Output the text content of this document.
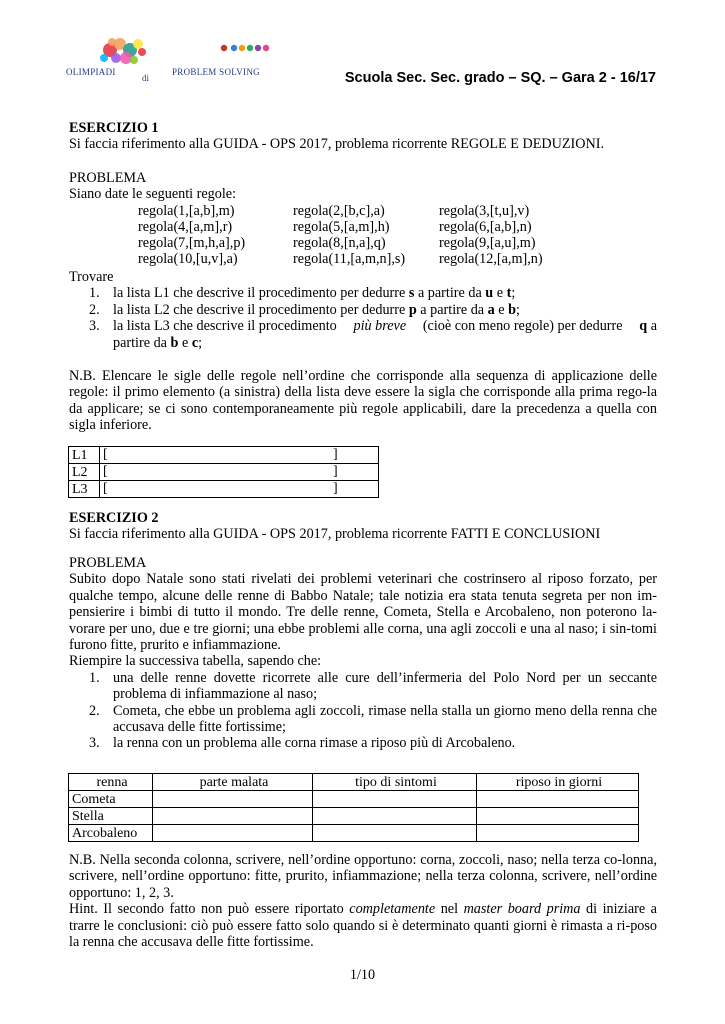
OLIMPIADI
di
PROBLEM SOLVING	Scuola Sec. Sec. grado – SQ. – Gara 2 - 16/17

ESERCIZIO 1

Si faccia riferimento alla GUIDA - OPS 2017, problema ricorrente REGOLE E DEDUZIONI.

PROBLEMA

Siano date le seguenti regole:

regola(1,[a,b],m)	regola(2,[b,c],a)	regola(3,[t,u],v)
regola(4,[a,m],r)	regola(5,[a,m],h)	regola(6,[a,b],n)
regola(7,[m,h,a],p)	regola(8,[n,a],q)	regola(9,[a,u],m)
regola(10,[u,v],a)	regola(11,[a,m,n],s) regola(12,[a,m],n)

Trovare

1. la lista L1 che descrive il procedimento per dedurre s a partire da u e t;
2. la lista L2 che descrive il procedimento per dedurre p a partire da a e b;
3. la lista L3 che descrive il procedimento più breve (cioè con meno regole) per dedurre q a
partire da b e c;
N.B. Elencare le sigle delle regole nell’ordine che corrisponde alla sequenza di applicazione delle regole: il primo elemento (a sinistra) della lista deve essere la sigla che corrisponde alla prima rego-la da applicare; se ci sono contemporaneamente più regole applicabili, dare la precedenza a quella con sigla inferiore.
L1	[ ]

L2	[ ]

L3	[ ]

ESERCIZIO 2

Si faccia riferimento alla GUIDA - OPS 2017, problema ricorrente FATTI E CONCLUSIONI

PROBLEMA

Subito dopo Natale sono stati rivelati dei problemi veterinari che costrinsero al riposo forzato, per qualche tempo, alcune delle renne di Babbo Natale; tale notizia era stata tenuta segreta per non im-pensierire i bimbi di tutto il mondo. Tre delle renne, Cometa, Stella e Arcobaleno, non poterono la-vorare per uno, due e tre giorni; una ebbe problemi alle corna, una agli zoccoli e una al naso; i sin-tomi furono fitte, prurito e infiammazione.

Riempire la successiva tabella, sapendo che:

1. una delle renne dovette ricorrete alle cure dell’infermeria del Polo Nord per un seccante problema di infiammazione al naso;
2. Cometa, che ebbe un problema agli zoccoli, rimase nella stalla un giorno meno della renna che accusava delle fitte fortissime;
3. la renna con un problema alle corna rimase a riposo più di Arcobaleno.
renna	parte malata	tipo di sintomi	riposo in giorni
Cometa			
Stella			
Arcobaleno			

N.B. Nella seconda colonna, scrivere, nell’ordine opportuno: corna, zoccoli, naso; nella terza co-lonna, scrivere, nell’ordine opportuno: fitte, prurito, infiammazione; nella terza colonna, scrivere, nell’ordine opportuno: 1, 2, 3.

Hint. Il secondo fatto non può essere riportato completamente nel master board prima di iniziare a trarre le conclusioni: ciò può essere fatto solo quando si è determinato quanti giorni è rimasta a ri-poso la renna che accusava delle fitte fortissime.

1/10
